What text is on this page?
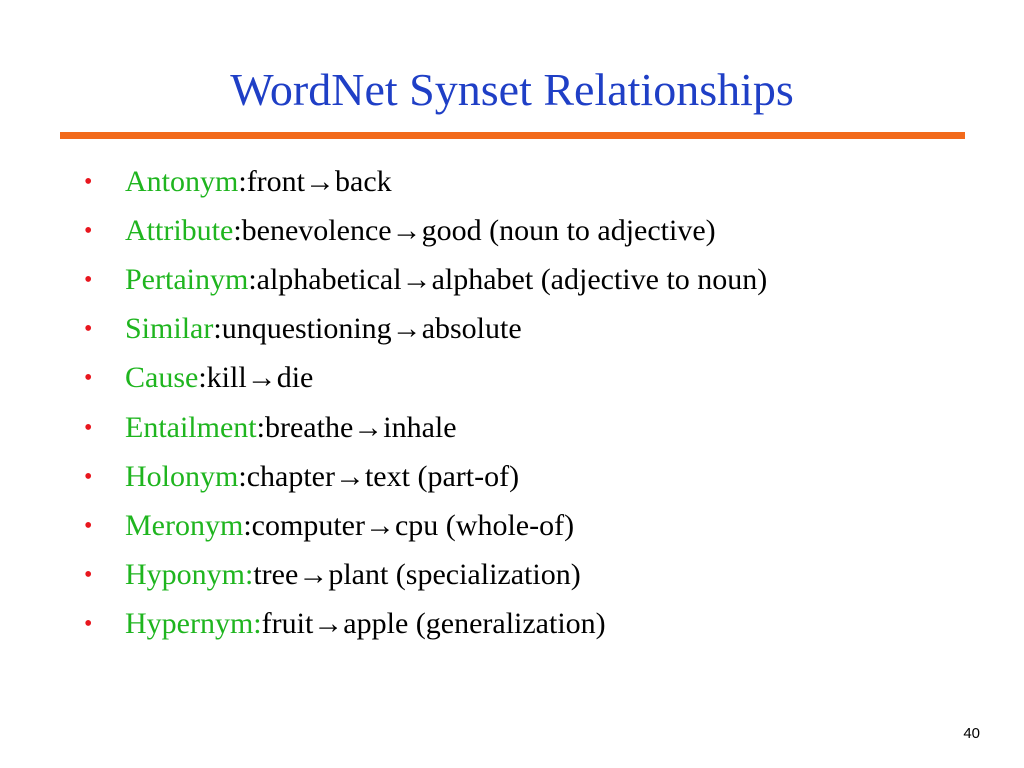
WordNet Synset Relationships
•	Antonym : front → back
•	Attribute : benevolence → good (noun to adjective)
•	Pertainym : alphabetical → alphabet (adjective to noun)
•	Similar : unquestioning → absolute
•	Cause : kill → die
•	Entailment : breathe → inhale
•	Holonym : chapter → text (part-of)
•	Meronym : computer → cpu (whole-of)
•	Hyponym: tree → plant (specialization)
•	Hypernym: fruit → apple (generalization)
40
